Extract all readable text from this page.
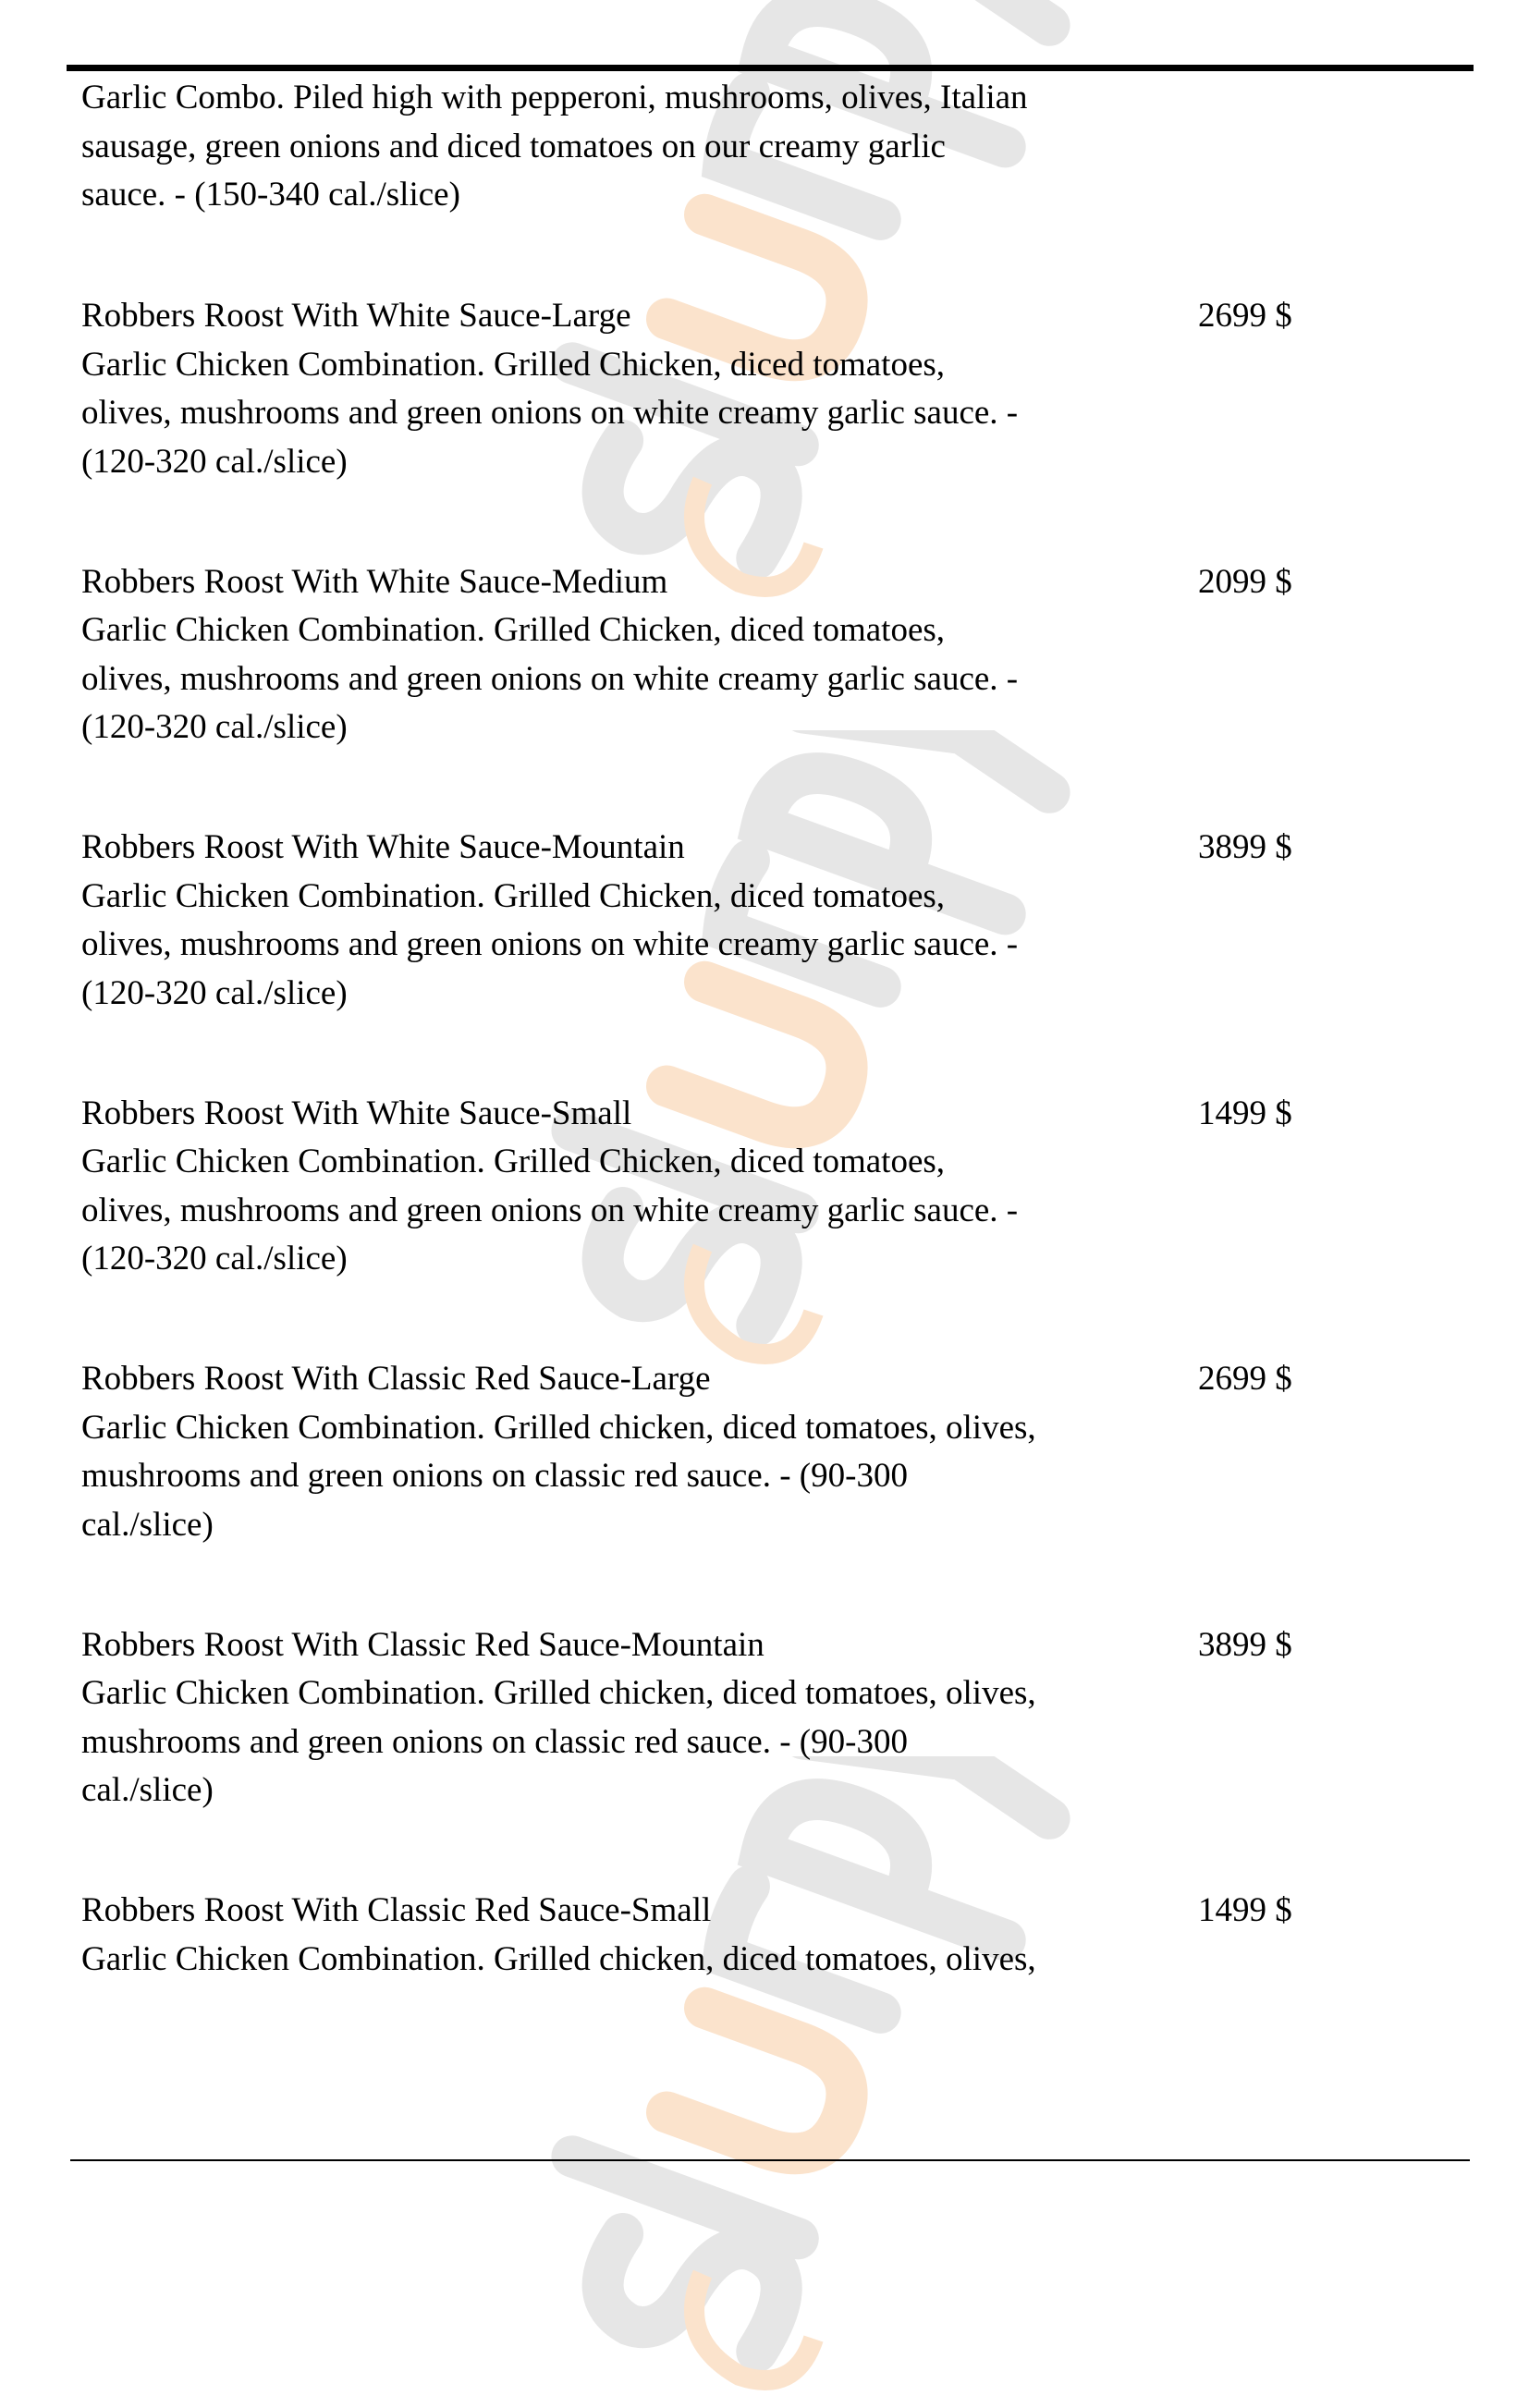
Garlic Combo. Piled high with pepperoni, mushrooms, olives, Italian
sausage, green onions and diced tomatoes on our creamy garlic
sauce. - (150-340 cal./slice)
Robbers Roost With White Sauce-Large	2699 $
Garlic Chicken Combination. Grilled Chicken, diced tomatoes,
olives, mushrooms and green onions on white creamy garlic sauce. -
(120-320 cal./slice)
Robbers Roost With White Sauce-Medium	2099 $
Garlic Chicken Combination. Grilled Chicken, diced tomatoes,
olives, mushrooms and green onions on white creamy garlic sauce. -
(120-320 cal./slice)
Robbers Roost With White Sauce-Mountain	3899 $
Garlic Chicken Combination. Grilled Chicken, diced tomatoes,
olives, mushrooms and green onions on white creamy garlic sauce. -
(120-320 cal./slice)
Robbers Roost With White Sauce-Small	1499 $
Garlic Chicken Combination. Grilled Chicken, diced tomatoes,
olives, mushrooms and green onions on white creamy garlic sauce. -
(120-320 cal./slice)
Robbers Roost With Classic Red Sauce-Large	2699 $
Garlic Chicken Combination. Grilled chicken, diced tomatoes, olives,
mushrooms and green onions on classic red sauce. - (90-300
cal./slice)
Robbers Roost With Classic Red Sauce-Mountain	3899 $
Garlic Chicken Combination. Grilled chicken, diced tomatoes, olives,
mushrooms and green onions on classic red sauce. - (90-300
cal./slice)
Robbers Roost With Classic Red Sauce-Small	1499 $
Garlic Chicken Combination. Grilled chicken, diced tomatoes, olives,
